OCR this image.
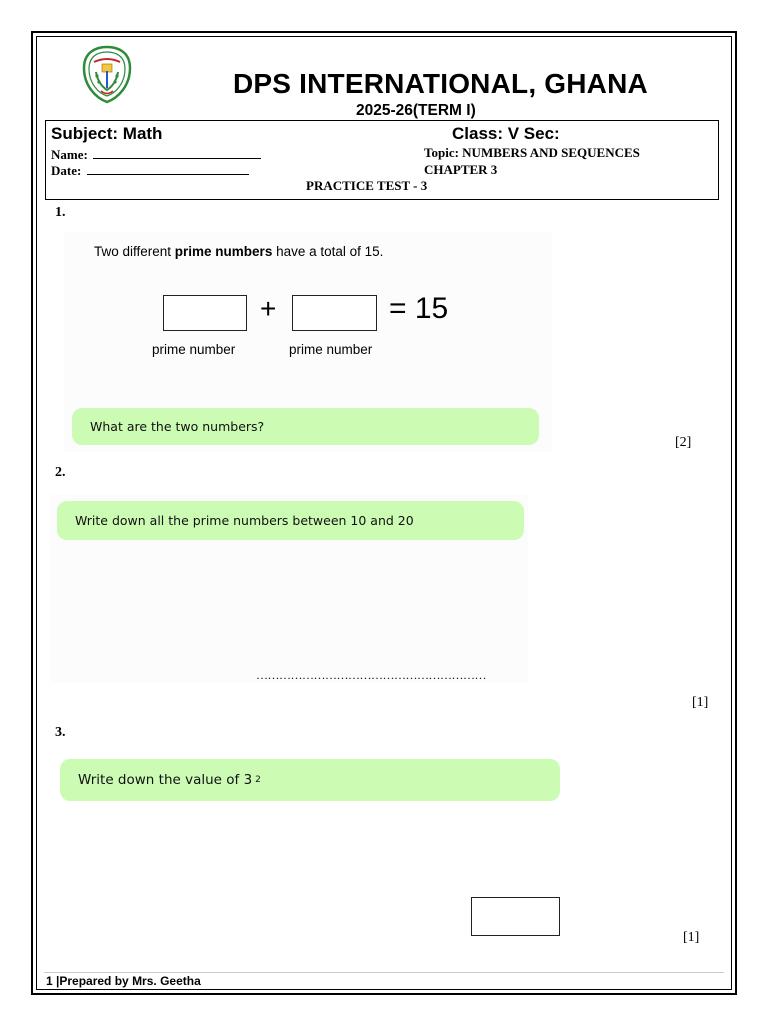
DPS INTERNATIONAL, GHANA
2025-26(TERM I)
Subject: Math	Class: V Sec:
Name:
Date:
Topic: NUMBERS AND SEQUENCES
CHAPTER 3
PRACTICE TEST - 3
1.
Two different prime numbers have a total of 15.
+	= 15
prime number	prime number
What are the two numbers?
[2]
2.
Write down all the prime numbers between 10 and 20
……………………………………………………
[1]
3.
Write down the value of 3 2
[1]
1 |Prepared by Mrs. Geetha
